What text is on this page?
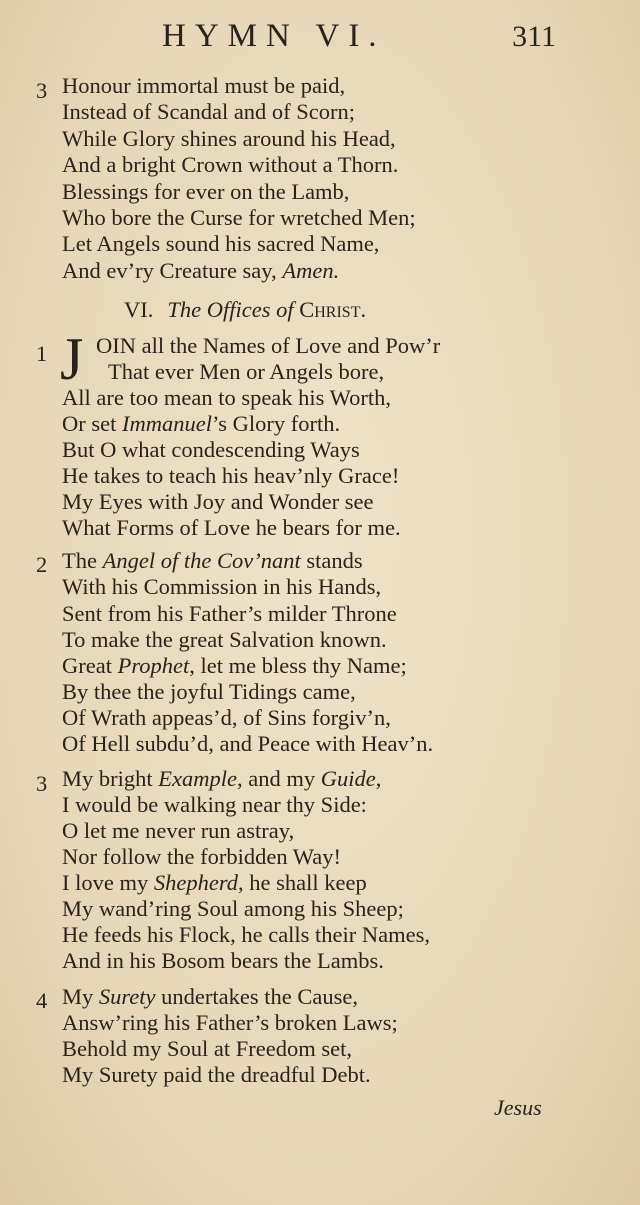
HYMN VI.	311
3 Honour immortal must be paid,
Instead of Scandal and of Scorn;
While Glory shines around his Head,
And a bright Crown without a Thorn.
Blessings for ever on the Lamb,
Who bore the Curse for wretched Men;
Let Angels sound his sacred Name,
And ev’ry Creature say, Amen.
VI. The Offices of Christ.
1 J OIN all the Names of Love and Pow’r
That ever Men or Angels bore,
All are too mean to speak his Worth,
Or set Immanuel’s Glory forth.
But O what condescending Ways
He takes to teach his heav’nly Grace!
My Eyes with Joy and Wonder see
What Forms of Love he bears for me.
2 The Angel of the Cov’nant stands
With his Commission in his Hands,
Sent from his Father’s milder Throne
To make the great Salvation known.
Great Prophet, let me bless thy Name;
By thee the joyful Tidings came,
Of Wrath appeas’d, of Sins forgiv’n,
Of Hell subdu’d, and Peace with Heav’n.
3 My bright Example, and my Guide,
I would be walking near thy Side:
O let me never run astray,
Nor follow the forbidden Way!
I love my Shepherd, he shall keep
My wand’ring Soul among his Sheep;
He feeds his Flock, he calls their Names,
And in his Bosom bears the Lambs.
4 My Surety undertakes the Cause,
Answ’ring his Father’s broken Laws;
Behold my Soul at Freedom set,
My Surety paid the dreadful Debt.
Jesus
